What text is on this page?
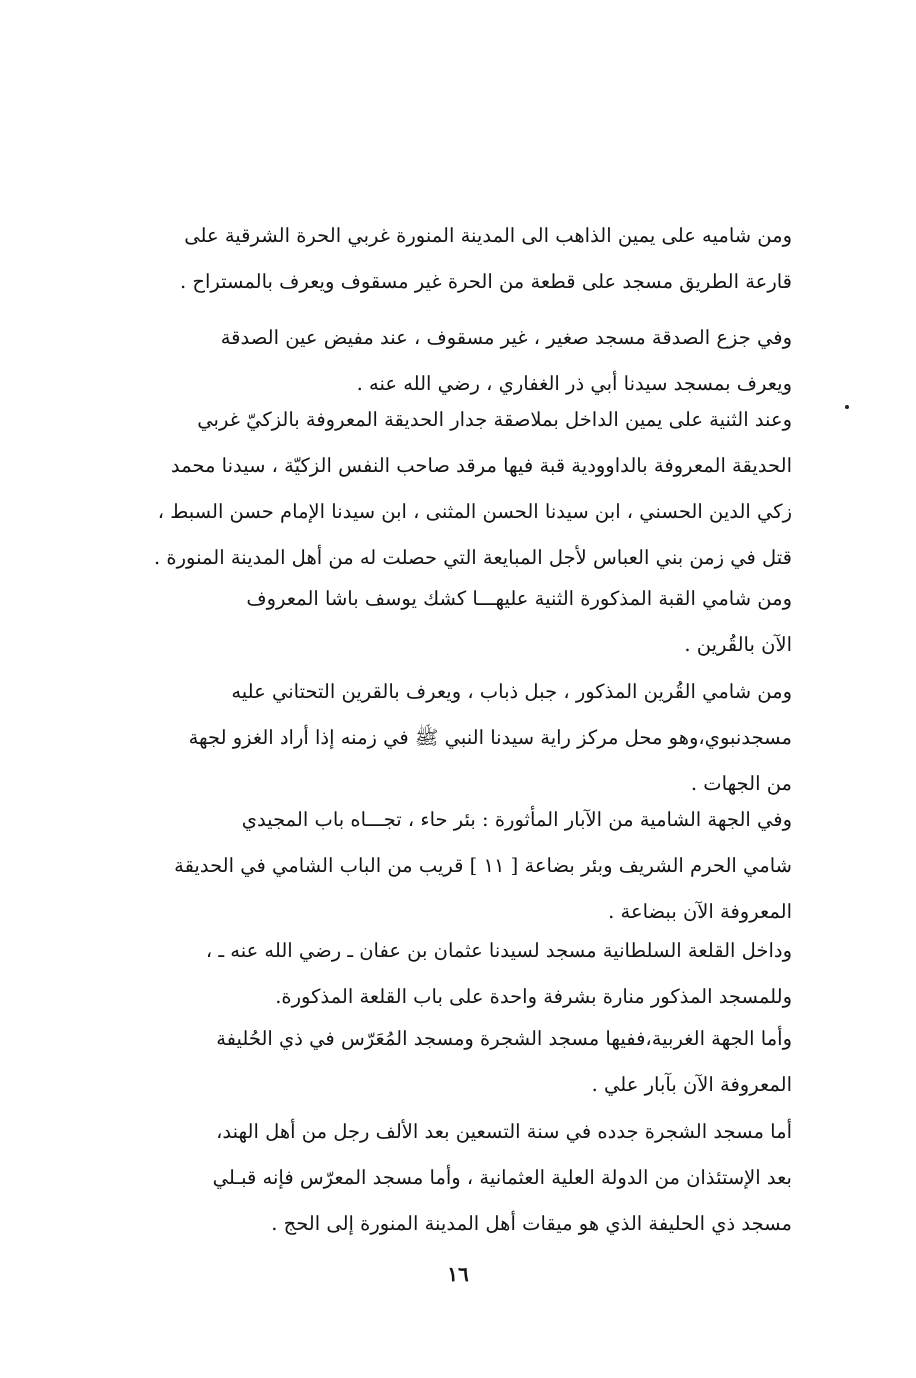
ومن شاميه على يمين الذاهب الى المدينة المنورة غربي الحرة الشرقية على
قارعة الطريق مسجد على قطعة من الحرة غير مسقوف ويعرف بالمستراح .
وفي جزع الصدقة مسجد صغير ، غير مسقوف ، عند مفيض عين الصدقة
ويعرف بمسجد سيدنا أبي ذر الغفاري ، رضي الله عنه .
وعند الثنية على يمين الداخل بملاصقة جدار الحديقة المعروفة بالزكيّ غربي
الحديقة المعروفة بالداوودية قبة فيها مرقد صاحب النفس الزكيّة ، سيدنا محمد
زكي الدين الحسني ، ابن سيدنا الحسن المثنى ، ابن سيدنا الإمام حسن السبط ،
قتل في زمن بني العباس لأجل المبايعة التي حصلت له من أهل المدينة المنورة .
ومن شامي القبة المذكورة الثنية عليهـــا كشك يوسف باشا المعروف
الآن بالقُرين .
ومن شامي القُرين المذكور ، جبل ذباب ، ويعرف بالقرين التحتاني عليه
مسجدنبوي،وهو محل مركز راية سيدنا النبي ﷺ في زمنه إذا أراد الغزو لجهة
من الجهات .
وفي الجهة الشامية من الآبار المأثورة : بئر حاء ، تجـــاه باب المجيدي
شامي الحرم الشريف وبئر بضاعة [ ١١ ] قريب من الباب الشامي في الحديقة
المعروفة الآن ببضاعة .
وداخل القلعة السلطانية مسجد لسيدنا عثمان بن عفان ـ رضي الله عنه ـ ،
وللمسجد المذكور منارة بشرفة واحدة على باب القلعة المذكورة.
وأما الجهة الغربية،ففيها مسجد الشجرة ومسجد المُعَرّس في ذي الحُليفة
المعروفة الآن بآبار علي .
أما مسجد الشجرة جدده في سنة التسعين بعد الألف رجل من أهل الهند،
بعد الإستئذان من الدولة العلية العثمانية ، وأما مسجد المعرّس فإنه قبـلي
مسجد ذي الحليفة الذي هو ميقات أهل المدينة المنورة إلى الحج .
١٦
